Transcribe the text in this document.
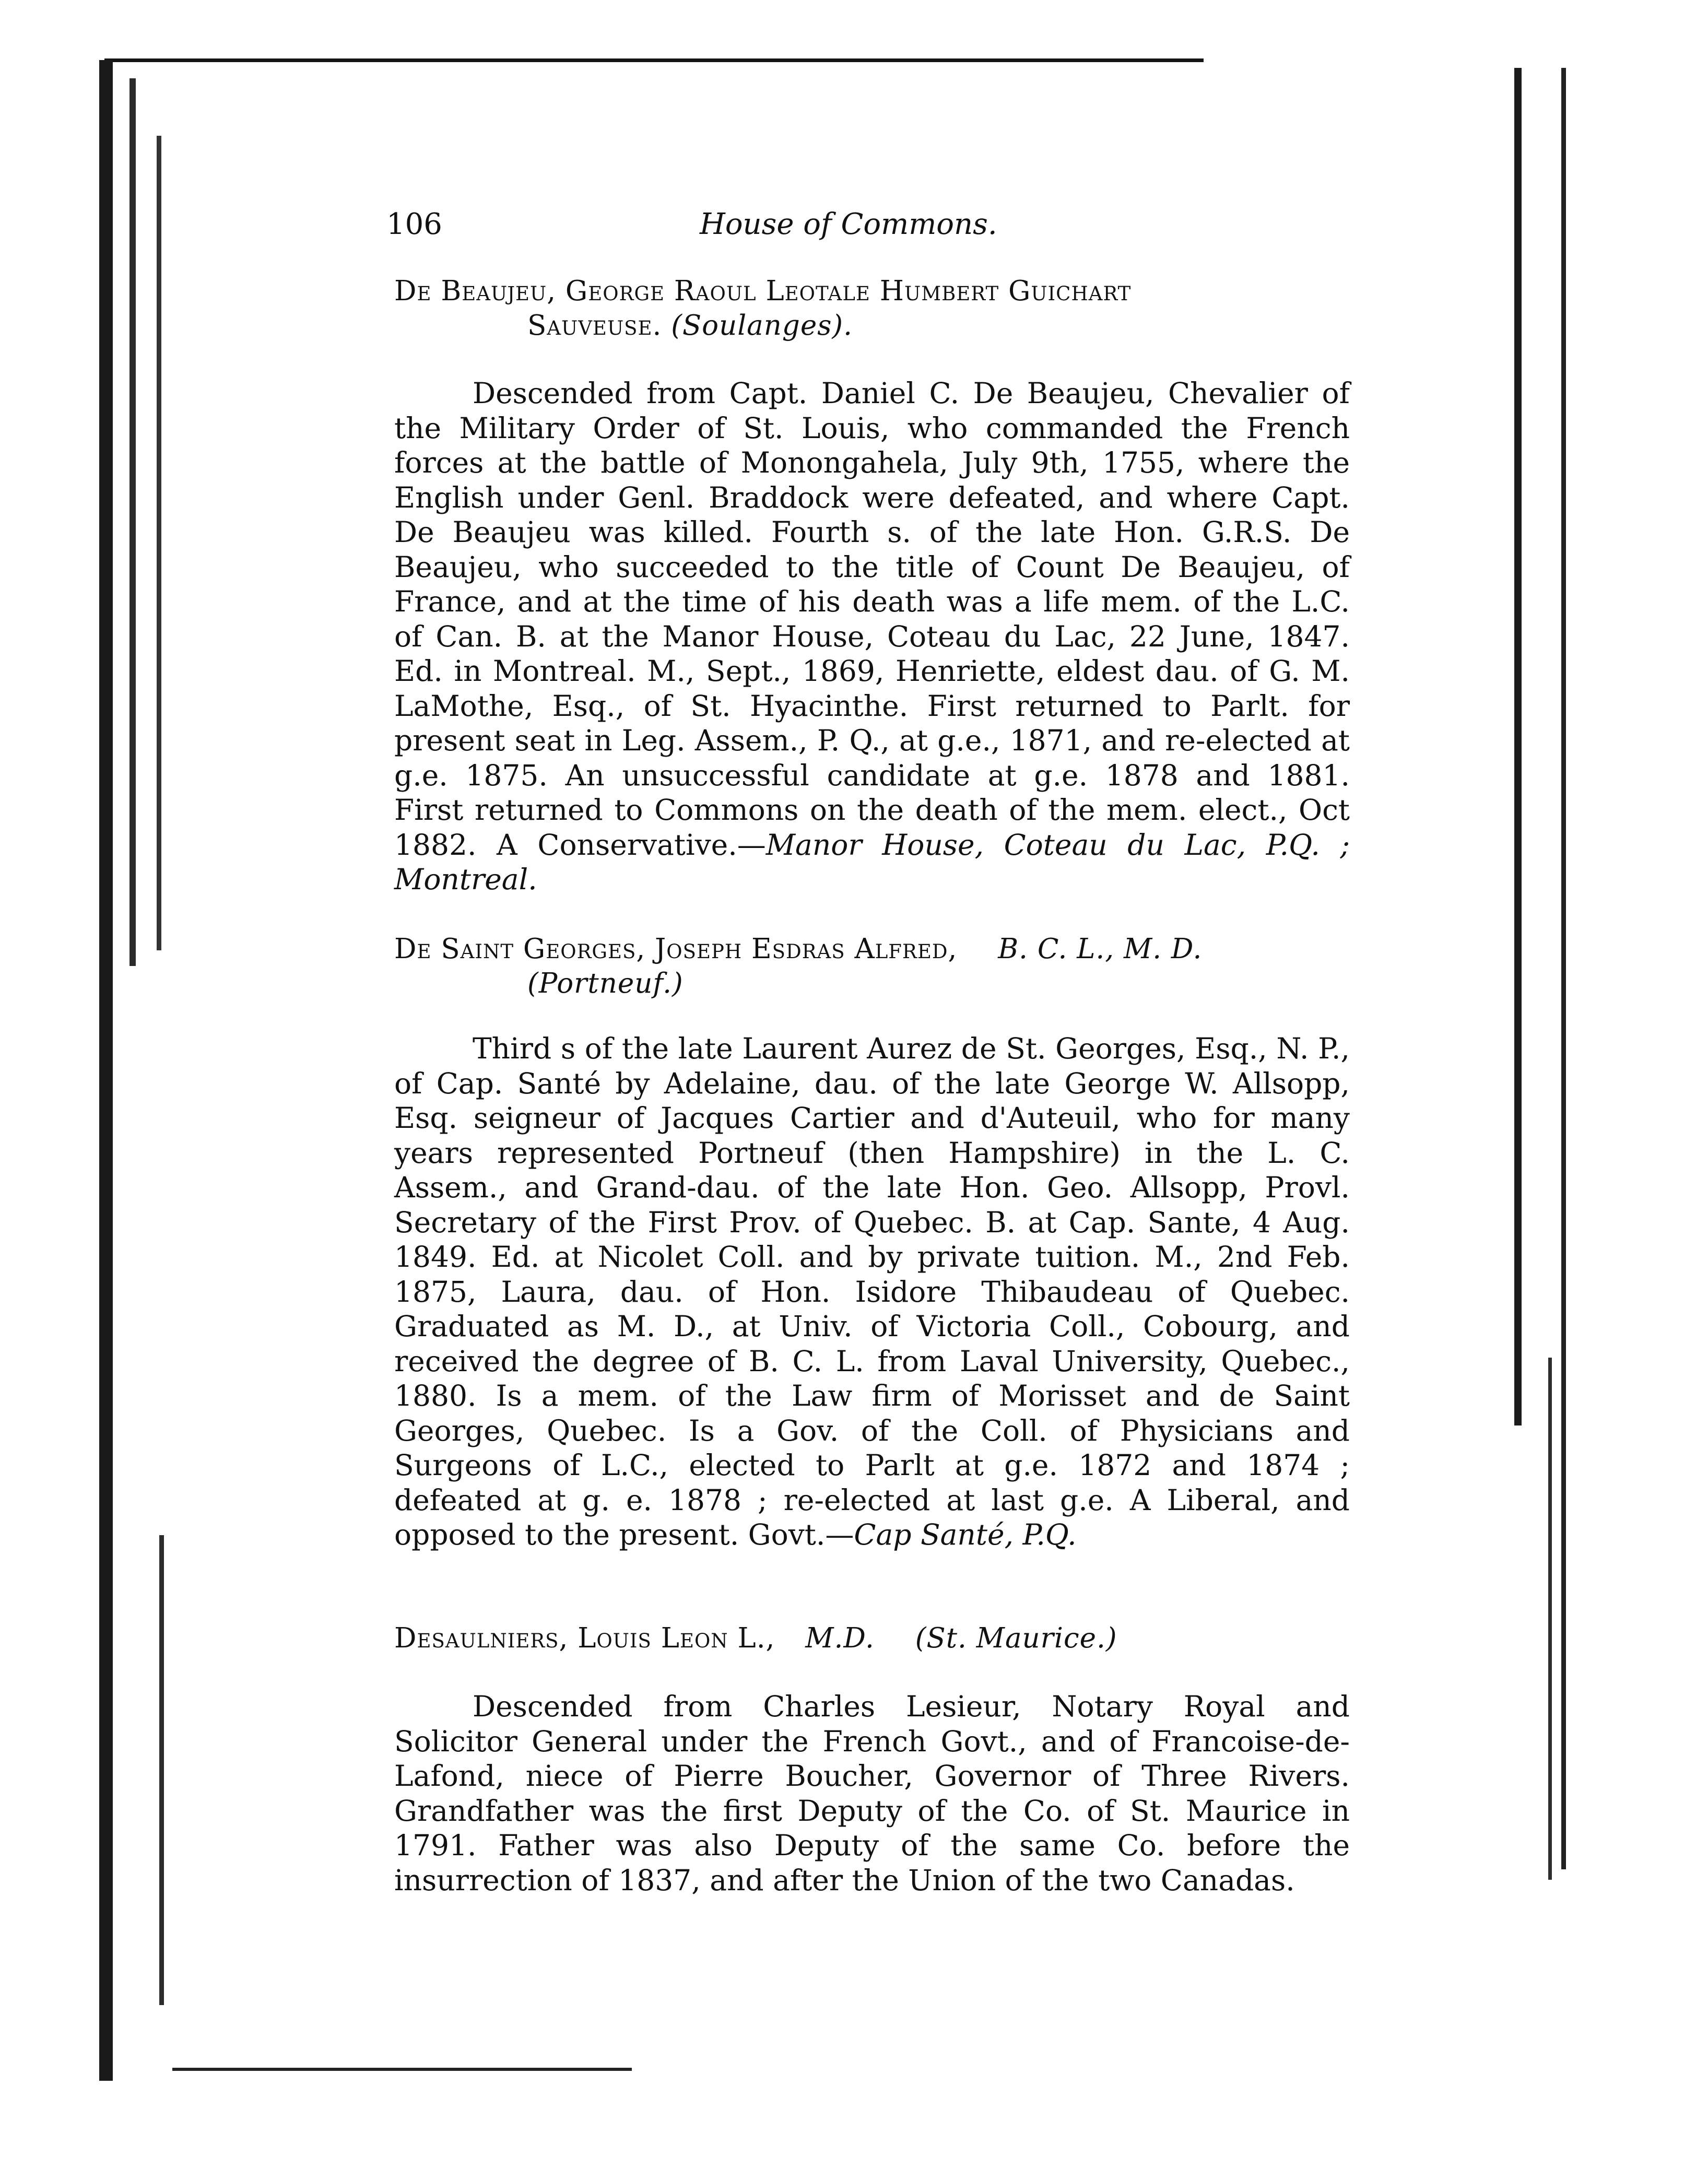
106	House of Commons.
De Beaujeu, George Raoul Leotale Humbert Guichart
Sauveuse. (Soulanges).

Descended from Capt. Daniel C. De Beaujeu, Chevalier of the Military Order of St. Louis, who commanded the French forces at the battle of Monongahela, July 9th, 1755, where the English under Genl. Braddock were defeated, and where Capt. De Beaujeu was killed. Fourth s. of the late Hon. G.R.S. De Beaujeu, who succeeded to the title of Count De Beaujeu, of France, and at the time of his death was a life mem. of the L.C. of Can. B. at the Manor House, Coteau du Lac, 22 June, 1847. Ed. in Montreal. M., Sept., 1869, Henriette, eldest dau. of G. M. LaMothe, Esq., of St. Hyacinthe. First returned to Parlt. for present seat in Leg. Assem., P. Q., at g.e., 1871, and re-elected at g.e. 1875. An unsuccessful candidate at g.e. 1878 and 1881. First returned to Commons on the death of the mem. elect., Oct 1882. A Conservative.—Manor House, Coteau du Lac, P.Q. ; Montreal.

De Saint Georges, Joseph Esdras Alfred, B. C. L., M. D.
(Portneuf.)

Third s of the late Laurent Aurez de St. Georges, Esq., N. P., of Cap. Santé by Adelaine, dau. of the late George W. Allsopp, Esq. seigneur of Jacques Cartier and d'Auteuil, who for many years represented Portneuf (then Hampshire) in the L. C. Assem., and Grand-dau. of the late Hon. Geo. Allsopp, Provl. Secretary of the First Prov. of Quebec. B. at Cap. Sante, 4 Aug. 1849. Ed. at Nicolet Coll. and by private tuition. M., 2nd Feb. 1875, Laura, dau. of Hon. Isidore Thibaudeau of Quebec. Graduated as M. D., at Univ. of Victoria Coll., Cobourg, and received the degree of B. C. L. from Laval University, Quebec., 1880. Is a mem. of the Law firm of Morisset and de Saint Georges, Quebec. Is a Gov. of the Coll. of Physicians and Surgeons of L.C., elected to Parlt at g.e. 1872 and 1874 ; defeated at g. e. 1878 ; re-elected at last g.e. A Liberal, and opposed to the present. Govt.—Cap Santé, P.Q.

Desaulniers, Louis Leon L., M.D. (St. Maurice.)

Descended from Charles Lesieur, Notary Royal and Solicitor General under the French Govt., and of Francoise-de-Lafond, niece of Pierre Boucher, Governor of Three Rivers. Grandfather was the first Deputy of the Co. of St. Maurice in 1791. Father was also Deputy of the same Co. before the insurrection of 1837, and after the Union of the two Canadas.
